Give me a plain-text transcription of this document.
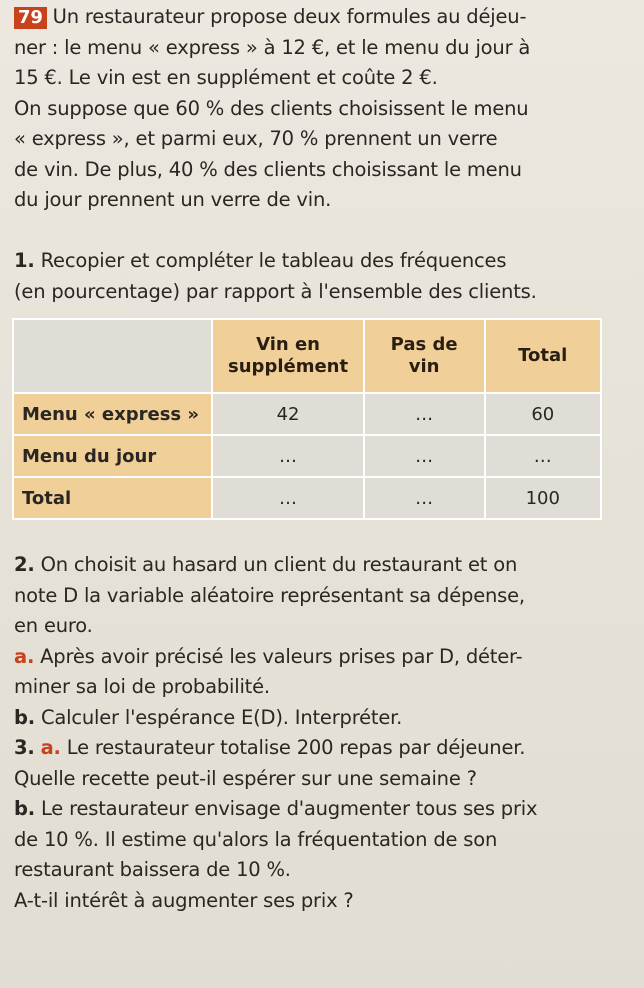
79 Un restaurateur propose deux formules au déjeu-
ner : le menu « express » à 12 €, et le menu du jour à
15 €. Le vin est en supplément et coûte 2 €.
On suppose que 60 % des clients choisissent le menu
« express », et parmi eux, 70 % prennent un verre
de vin. De plus, 40 % des clients choisissant le menu
du jour prennent un verre de vin.
1. Recopier et compléter le tableau des fréquences
(en pourcentage) par rapport à l'ensemble des clients.
	Vin en supplément	Pas de vin	Total
Menu « express »	42	…	60
Menu du jour	…	…	…
Total	…	…	100
2. On choisit au hasard un client du restaurant et on
note D la variable aléatoire représentant sa dépense,
en euro.
a. Après avoir précisé les valeurs prises par D, déter-
miner sa loi de probabilité.
b. Calculer l'espérance E(D). Interpréter.
3. a. Le restaurateur totalise 200 repas par déjeuner.
Quelle recette peut-il espérer sur une semaine ?
b. Le restaurateur envisage d'augmenter tous ses prix
de 10 %. Il estime qu'alors la fréquentation de son
restaurant baissera de 10 %.
A-t-il intérêt à augmenter ses prix ?
